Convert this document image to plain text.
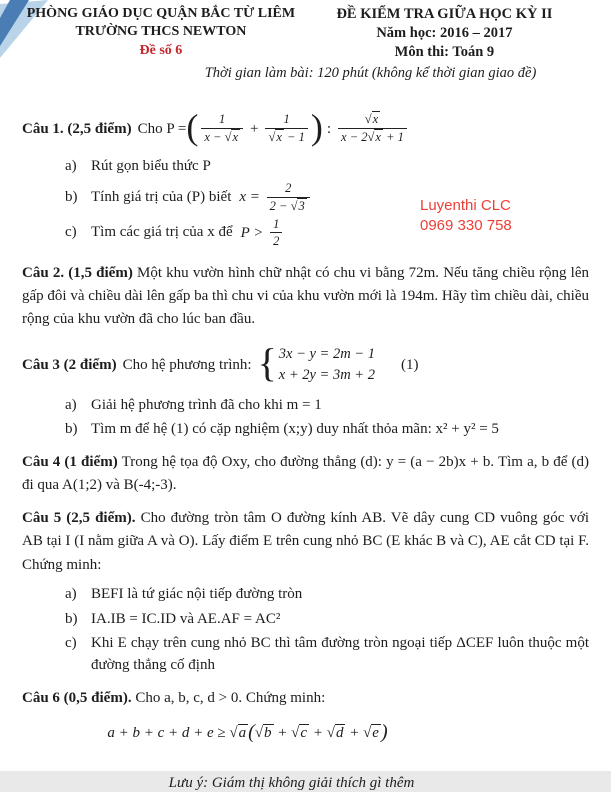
Luyenthi CLC
0969 330 758
PHÒNG GIÁO DỤC QUẬN BẮC TỪ LIÊM
TRƯỜNG THCS NEWTON
Đề số 6
ĐỀ KIỂM TRA GIỮA HỌC KỲ II
Năm học: 2016 – 2017
Môn thi: Toán 9
Thời gian làm bài: 120 phút (không kể thời gian giao đề)
Câu 1. (2,5 điểm) Cho P = ( $\frac{1}{x - √x} + \frac{1}{√x - 1}$ ) : $\frac{√x}{x - 2√x + 1}$
a) Rút gọn biểu thức P
b) Tính giá trị của (P) biết $x = \frac{2}{2 - √3}$
c) Tìm các giá trị của x để $P > \frac{1}{2}$

Câu 2. (1,5 điểm) Một khu vườn hình chữ nhật có chu vi bằng 72m. Nếu tăng chiều rộng lên gấp đôi và chiều dài lên gấp ba thì chu vi của khu vườn mới là 194m. Hãy tìm chiều dài, chiều rộng của khu vườn đã cho lúc ban đầu.

Câu 3 (2 điểm) Cho hệ phương trình: { 3x − y = 2m − 1
x + 2y = 3m + 2
(1)
a) Giải hệ phương trình đã cho khi m = 1
b) Tìm m để hệ (1) có cặp nghiệm (x;y) duy nhất thỏa mãn: x² + y² = 5

Câu 4 (1 điểm) Trong hệ tọa độ Oxy, cho đường thẳng (d): y = (a − 2b)x + b. Tìm a, b để (d) đi qua A(1;2) và B(-4;-3).

Câu 5 (2,5 điểm). Cho đường tròn tâm O đường kính AB. Vẽ dây cung CD vuông góc với AB tại I (I nằm giữa A và O). Lấy điểm E trên cung nhỏ BC (E khác B và C), AE cắt CD tại F. Chứng minh:

a) BEFI là tứ giác nội tiếp đường tròn
b) IA.IB = IC.ID và AE.AF = AC²
c) Khi E chạy trên cung nhỏ BC thì tâm đường tròn ngoại tiếp ΔCEF luôn thuộc một đường thẳng cố định

Câu 6 (0,5 điểm). Cho a, b, c, d > 0. Chứng minh:

a + b + c + d + e ≥ √a (√b + √c + √d + √e )
Lưu ý: Giám thị không giải thích gì thêm
